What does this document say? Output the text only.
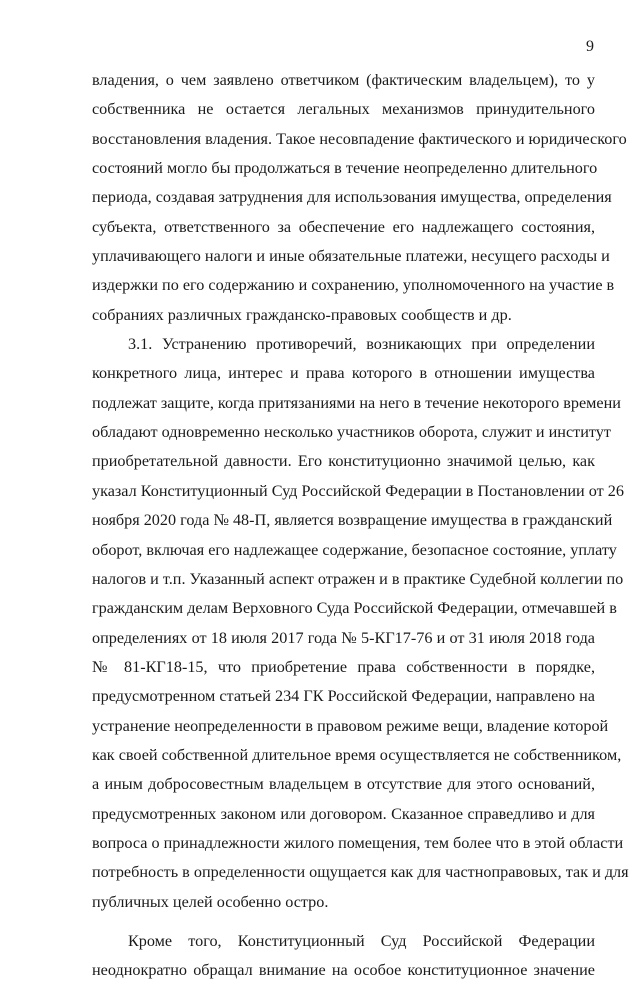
9
владения, о чем заявлено ответчиком (фактическим владельцем), то у
собственника не остается легальных механизмов принудительного
восстановления владения. Такое несовпадение фактического и юридического
состояний могло бы продолжаться в течение неопределенно длительного
периода, создавая затруднения для использования имущества, определения
субъекта, ответственного за обеспечение его надлежащего состояния,
уплачивающего налоги и иные обязательные платежи, несущего расходы и
издержки по его содержанию и сохранению, уполномоченного на участие в
собраниях различных гражданско-правовых сообществ и др.
3.1. Устранению противоречий, возникающих при определении
конкретного лица, интерес и права которого в отношении имущества
подлежат защите, когда притязаниями на него в течение некоторого времени
обладают одновременно несколько участников оборота, служит и институт
приобретательной давности. Его конституционно значимой целью, как
указал Конституционный Суд Российской Федерации в Постановлении от 26
ноября 2020 года № 48-П, является возвращение имущества в гражданский
оборот, включая его надлежащее содержание, безопасное состояние, уплату
налогов и т.п. Указанный аспект отражен и в практике Судебной коллегии по
гражданским делам Верховного Суда Российской Федерации, отмечавшей в
определениях от 18 июля 2017 года № 5-КГ17-76 и от 31 июля 2018 года
№ 81-КГ18-15, что приобретение права собственности в порядке,
предусмотренном статьей 234 ГК Российской Федерации, направлено на
устранение неопределенности в правовом режиме вещи, владение которой
как своей собственной длительное время осуществляется не собственником,
а иным добросовестным владельцем в отсутствие для этого оснований,
предусмотренных законом или договором. Сказанное справедливо и для
вопроса о принадлежности жилого помещения, тем более что в этой области
потребность в определенности ощущается как для частноправовых, так и для
публичных целей особенно остро.
Кроме того, Конституционный Суд Российской Федерации
неоднократно обращал внимание на особое конституционное значение
